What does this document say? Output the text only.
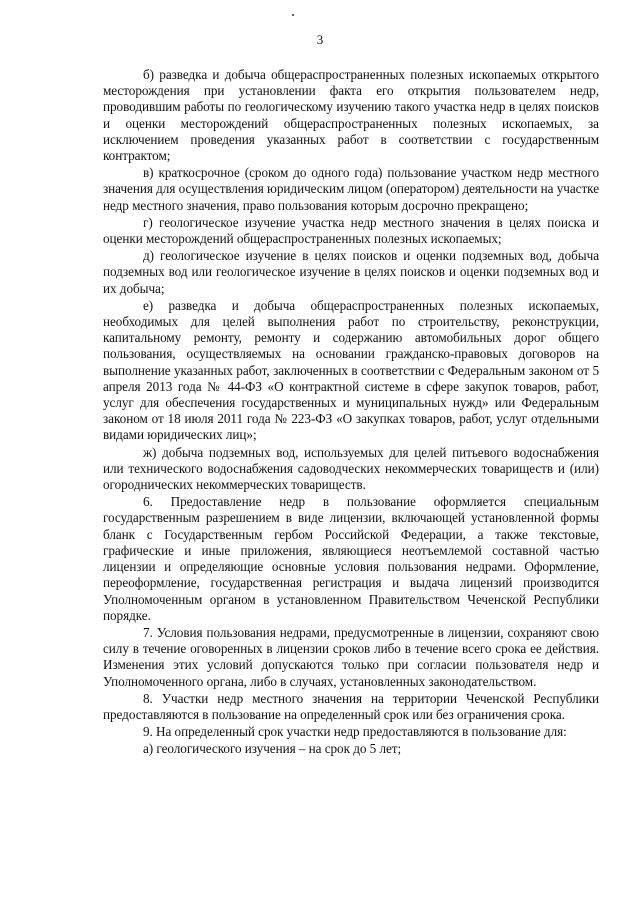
3

б) разведка и добыча общераспространенных полезных ископаемых открытого месторождения при установлении факта его открытия пользователем недр, проводившим работы по геологическому изучению такого участка недр в целях поисков и оценки месторождений общераспространенных полезных ископаемых, за исключением проведения указанных работ в соответствии с государственным контрактом;

в) краткосрочное (сроком до одного года) пользование участком недр местного значения для осуществления юридическим лицом (оператором) деятельности на участке недр местного значения, право пользования которым досрочно прекращено;

г) геологическое изучение участка недр местного значения в целях поиска и оценки месторождений общераспространенных полезных ископаемых;

д) геологическое изучение в целях поисков и оценки подземных вод, добыча подземных вод или геологическое изучение в целях поисков и оценки подземных вод и их добыча;

е) разведка и добыча общераспространенных полезных ископаемых, необходимых для целей выполнения работ по строительству, реконструкции, капитальному ремонту, ремонту и содержанию автомобильных дорог общего пользования, осуществляемых на основании гражданско-правовых договоров на выполнение указанных работ, заключенных в соответствии с Федеральным законом от 5 апреля 2013 года № 44-ФЗ «О контрактной системе в сфере закупок товаров, работ, услуг для обеспечения государственных и муниципальных нужд» или Федеральным законом от 18 июля 2011 года № 223-ФЗ «О закупках товаров, работ, услуг отдельными видами юридических лиц»;

ж) добыча подземных вод, используемых для целей питьевого водоснабжения или технического водоснабжения садоводческих некоммерческих товариществ и (или) огороднических некоммерческих товариществ.

6. Предоставление недр в пользование оформляется специальным государственным разрешением в виде лицензии, включающей установленной формы бланк с Государственным гербом Российской Федерации, а также текстовые, графические и иные приложения, являющиеся неотъемлемой составной частью лицензии и определяющие основные условия пользования недрами. Оформление, переоформление, государственная регистрация и выдача лицензий производится Уполномоченным органом в установленном Правительством Чеченской Республики порядке.

7. Условия пользования недрами, предусмотренные в лицензии, сохраняют свою силу в течение оговоренных в лицензии сроков либо в течение всего срока ее действия. Изменения этих условий допускаются только при согласии пользователя недр и Уполномоченного органа, либо в случаях, установленных законодательством.

8. Участки недр местного значения на территории Чеченской Республики предоставляются в пользование на определенный срок или без ограничения срока.

9. На определенный срок участки недр предоставляются в пользование для:

а) геологического изучения – на срок до 5 лет;
